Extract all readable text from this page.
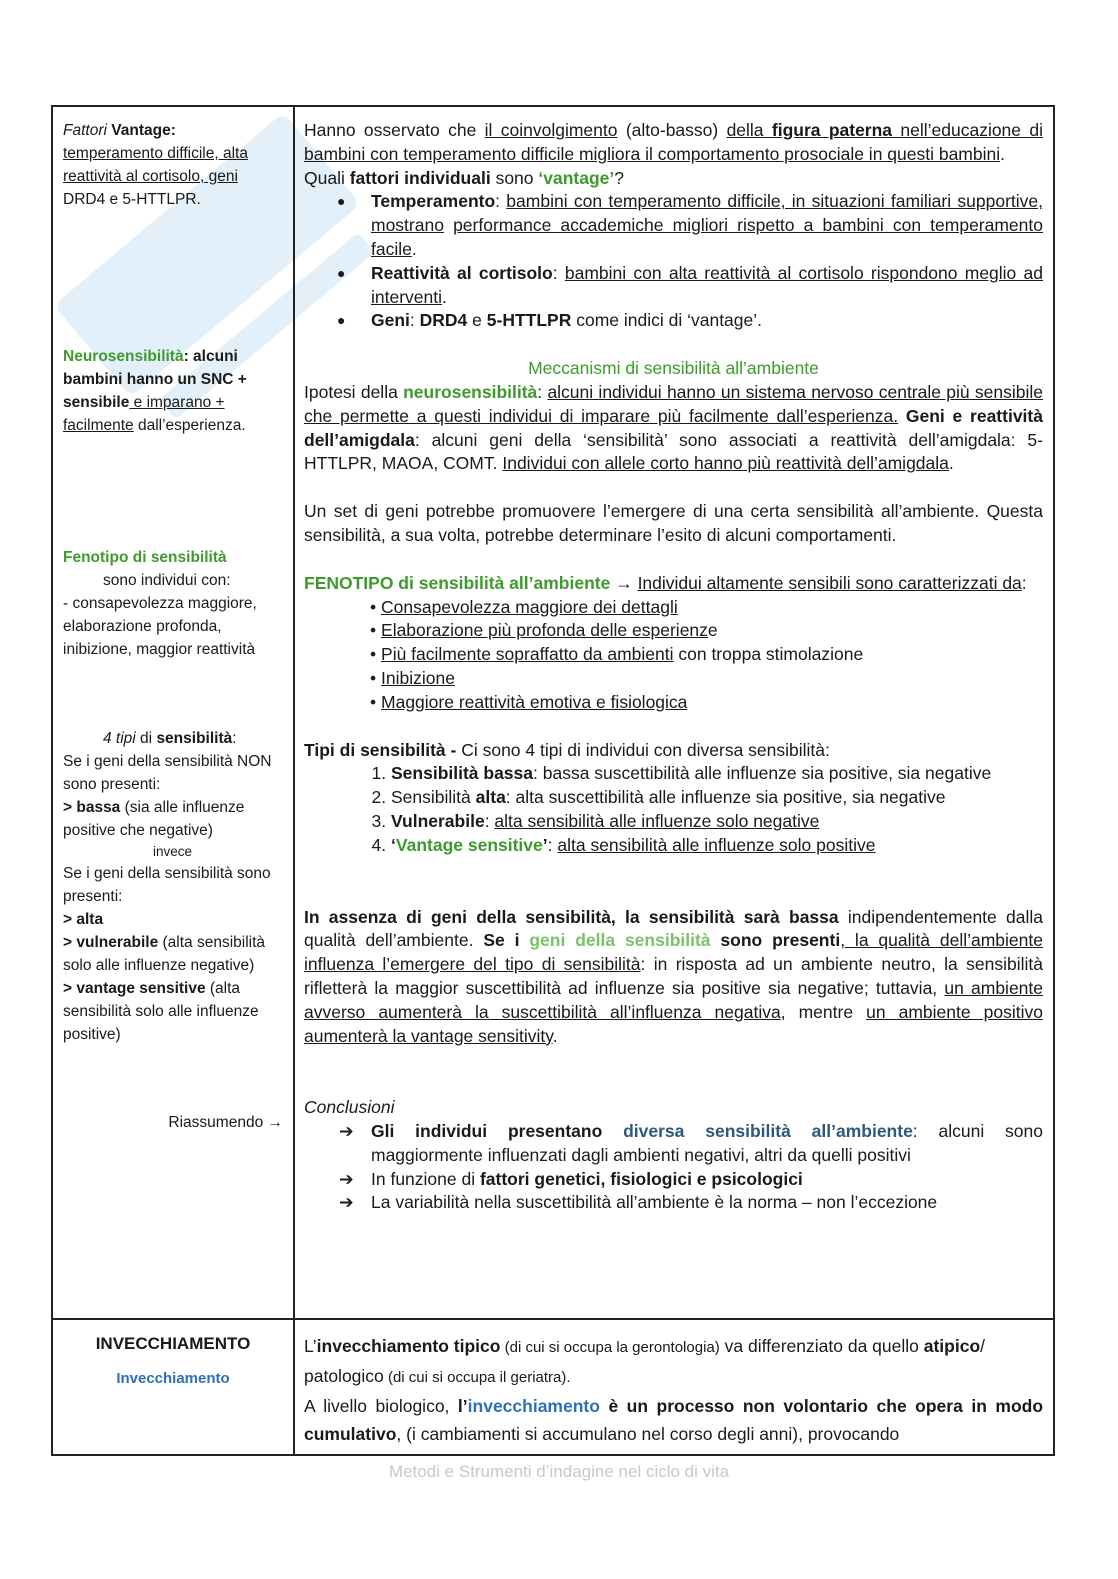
Fattori Vantage:

temperamento difficile, alta reattività al cortisolo, geni

DRD4 e 5-HTTLPR.

Neurosensibilità: alcuni bambini hanno un SNC + sensibile e imparano + facilmente dall’esperienza.

Fenotipo di sensibilità

sono individui con:

- consapevolezza maggiore, elaborazione profonda, inibizione, maggior reattività

4 tipi di sensibilità:

Se i geni della sensibilità NON sono presenti:

> bassa (sia alle influenze positive che negative)

invece

Se i geni della sensibilità sono presenti:

> alta

> vulnerabile (alta sensibilità solo alle influenze negative)

> vantage sensitive (alta sensibilità solo alle influenze positive)

Riassumendo →

Hanno osservato che il coinvolgimento (alto-basso) della figura paterna nell’educazione di bambini con temperamento difficile migliora il comportamento prosociale in questi bambini.

Quali fattori individuali sono ‘vantage’?

● Temperamento: bambini con temperamento difficile, in situazioni familiari supportive, mostrano performance accademiche migliori rispetto a bambini con temperamento facile.
● Reattività al cortisolo: bambini con alta reattività al cortisolo rispondono meglio ad interventi.
● Geni: DRD4 e 5-HTTLPR come indici di ‘vantage’.

Meccanismi di sensibilità all’ambiente

Ipotesi della neurosensibilità: alcuni individui hanno un sistema nervoso centrale più sensibile che permette a questi individui di imparare più facilmente dall’esperienza. Geni e reattività dell’amigdala: alcuni geni della ‘sensibilità’ sono associati a reattività dell’amigdala: 5-HTTLPR, MAOA, COMT. Individui con allele corto hanno più reattività dell’amigdala.

Un set di geni potrebbe promuovere l’emergere di una certa sensibilità all’ambiente. Questa sensibilità, a sua volta, potrebbe determinare l’esito di alcuni comportamenti.

FENOTIPO di sensibilità all’ambiente → Individui altamente sensibili sono caratterizzati da:

• Consapevolezza maggiore dei dettagli
• Elaborazione più profonda delle esperienze
• Più facilmente sopraffatto da ambienti con troppa stimolazione
• Inibizione
• Maggiore reattività emotiva e fisiologica

Tipi di sensibilità - Ci sono 4 tipi di individui con diversa sensibilità:

1. Sensibilità bassa: bassa suscettibilità alle influenze sia positive, sia negative
2. Sensibilità alta: alta suscettibilità alle influenze sia positive, sia negative
3. Vulnerabile: alta sensibilità alle influenze solo negative
4. ‘Vantage sensitive’: alta sensibilità alle influenze solo positive

In assenza di geni della sensibilità, la sensibilità sarà bassa indipendentemente dalla qualità dell’ambiente. Se i geni della sensibilità sono presenti, la qualità dell’ambiente influenza l’emergere del tipo di sensibilità: in risposta ad un ambiente neutro, la sensibilità rifletterà la maggior suscettibilità ad influenze sia positive sia negative; tuttavia, un ambiente avverso aumenterà la suscettibilità all’influenza negativa, mentre un ambiente positivo aumenterà la vantage sensitivity.

Conclusioni

➔ Gli individui presentano diversa sensibilità all’ambiente: alcuni sono maggiormente influenzati dagli ambienti negativi, altri da quelli positivi
➔ In funzione di fattori genetici, fisiologici e psicologici
➔ La variabilità nella suscettibilità all’ambiente è la norma – non l’eccezione

INVECCHIAMENTO

Invecchiamento

L’invecchiamento tipico (di cui si occupa la gerontologia) va differenziato da quello atipico/ patologico (di cui si occupa il geriatra).

A livello biologico, l’invecchiamento è un processo non volontario che opera in modo cumulativo, (i cambiamenti si accumulano nel corso degli anni), provocando

Metodi e Strumenti d’indagine nel ciclo di vita
